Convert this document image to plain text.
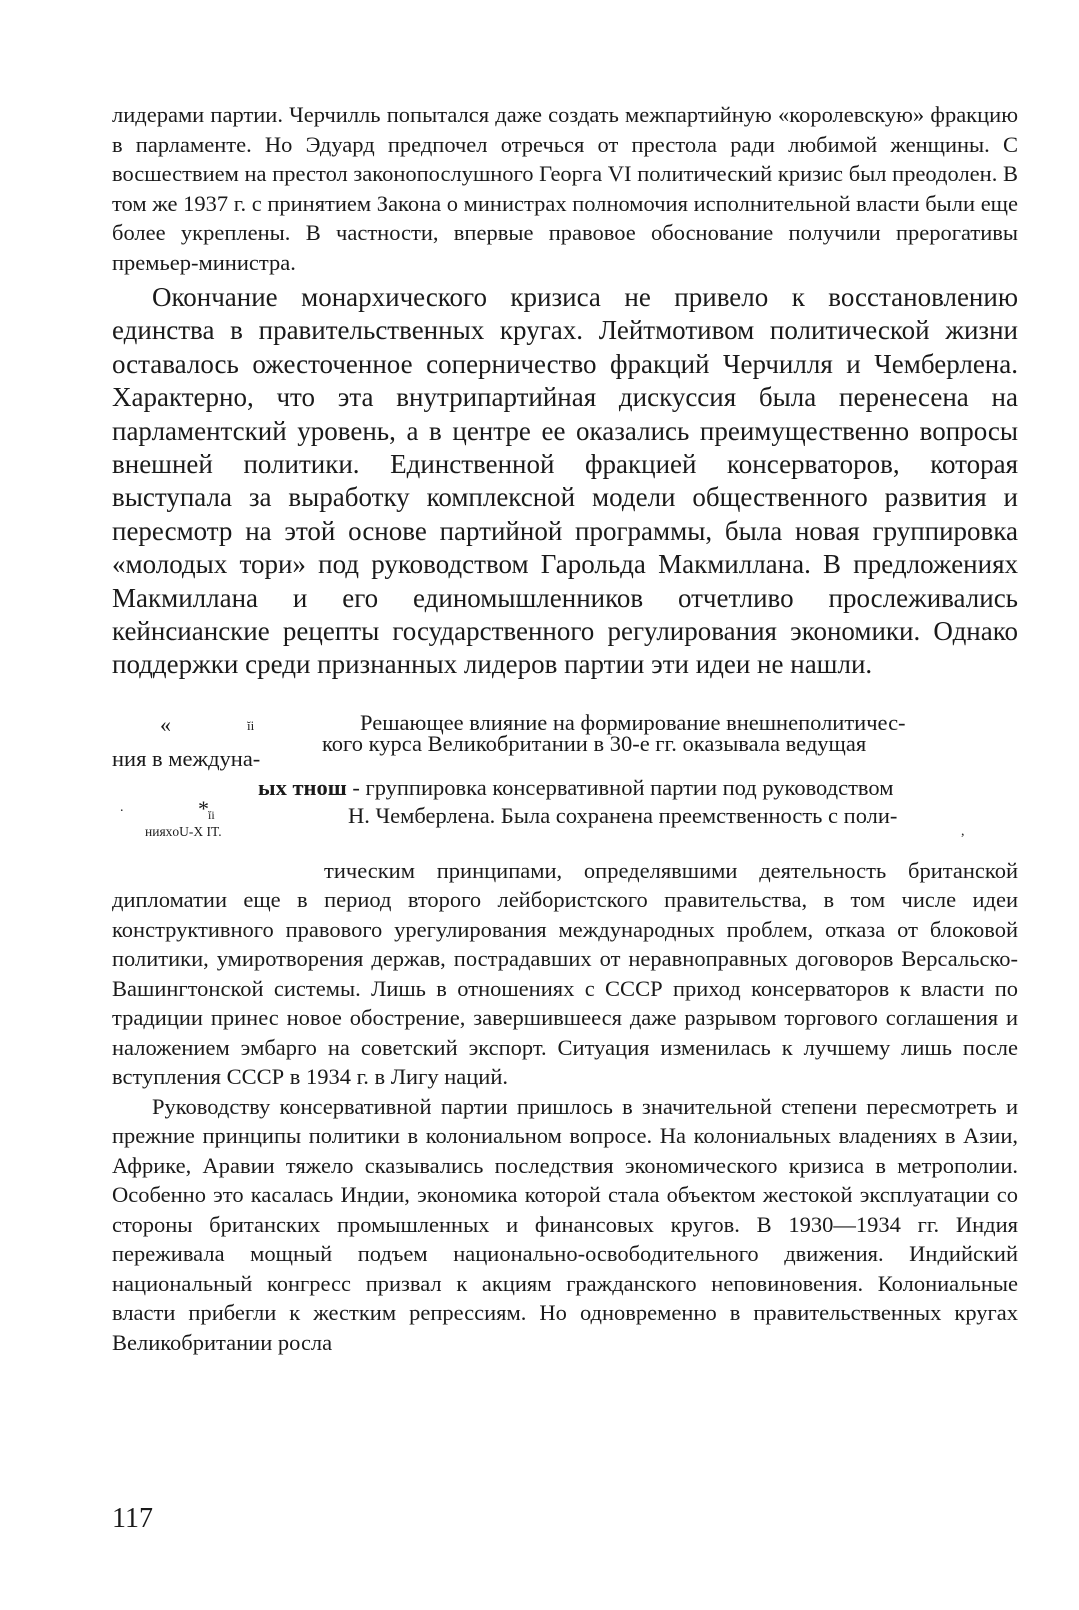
лидерами партии. Черчилль попытался даже создать межпартийную «королевскую» фракцию в парламенте. Но Эдуард предпочел отречься от престола ради любимой женщины. С восшествием на престол законопослушного Георга VI политический кризис был преодолен. В том же 1937 г. с принятием Закона о министрах полномочия исполнительной власти были еще более укреплены. В частности, впервые правовое обоснование получили прерогативы премьер-министра.

Окончание монархического кризиса не привело к восстановлению единства в правительственных кругах. Лейтмотивом политической жизни оставалось ожесточенное соперничество фракций Черчилля и Чемберлена. Характерно, что эта внутрипартийная дискуссия была перенесена на парламентский уровень, а в центре ее оказались преимущественно вопросы внешней политики. Единственной фракцией консерваторов, которая выступала за выработку комплексной модели общественного развития и пересмотр на этой основе партийной программы, была новая группировка «молодых тори» под руководством Гарольда Макмиллана. В предложениях Макмиллана и его единомышленников отчетливо прослеживались кейнсианские рецепты государственного регулирования экономики. Однако поддержки среди признанных лидеров партии эти идеи не нашли.

«	ĭi	Решающее влияние на формирование внешнеполитичес-
кого курса Великобритании в 30-е гг. оказывала ведущая
ния в междуна-
ых тнош - группировка консервативной партии под руководством
.	* ĭi	Н. Чемберлена. Была сохранена преемственность с поли-
нияхoU-X IT.	,

тическим принципами, определявшими деятельность британской дипломатии еще в период второго лейбористского правительства, в том числе идеи конструктивного правового урегулирования международных проблем, отказа от блоковой политики, умиротворения держав, пострадавших от неравноправных договоров Версальско-Вашингтонской системы. Лишь в отношениях с СССР приход консерваторов к власти по традиции принес новое обострение, завершившееся даже разрывом торгового соглашения и наложением эмбарго на советский экспорт. Ситуация изменилась к лучшему лишь после вступления СССР в 1934 г. в Лигу наций.

Руководству консервативной партии пришлось в значительной степени пересмотреть и прежние принципы политики в колониальном вопросе. На колониальных владениях в Азии, Африке, Аравии тяжело сказывались последствия экономического кризиса в метрополии. Особенно это касалась Индии, экономика которой стала объектом жестокой эксплуатации со стороны британских промышленных и финансовых кругов. В 1930—1934 гг. Индия переживала мощный подъем национально-освободительного движения. Индийский национальный конгресс призвал к акциям гражданского неповиновения. Колониальные власти прибегли к жестким репрессиям. Но одновременно в правительственных кругах Великобритании росла

117
